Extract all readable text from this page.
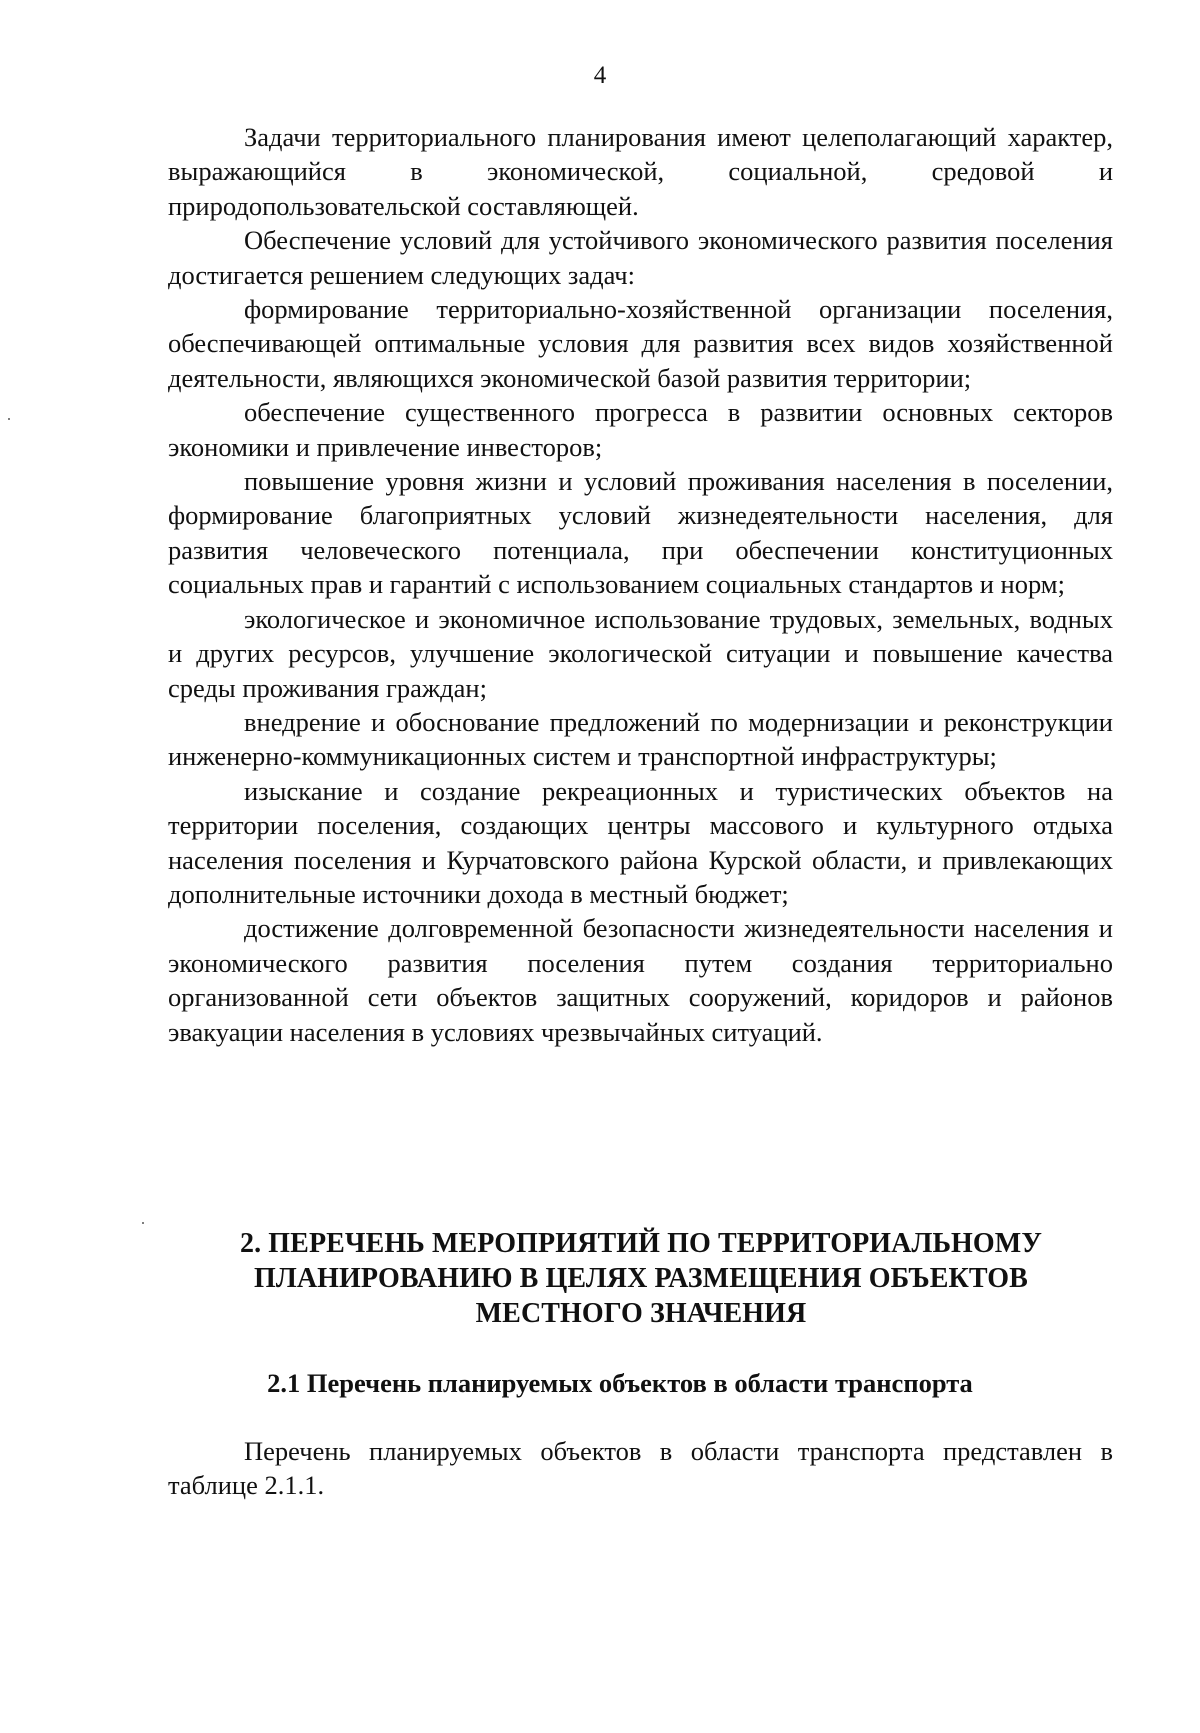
4

Задачи территориального планирования имеют целеполагающий характер, выражающийся в экономической, социальной, средовой и природопользовательской составляющей.

Обеспечение условий для устойчивого экономического развития поселения достигается решением следующих задач:

формирование территориально-хозяйственной организации поселения, обеспечивающей оптимальные условия для развития всех видов хозяйственной деятельности, являющихся экономической базой развития территории;

обеспечение существенного прогресса в развитии основных секторов экономики и привлечение инвесторов;

повышение уровня жизни и условий проживания населения в поселении, формирование благоприятных условий жизнедеятельности населения, для развития человеческого потенциала, при обеспечении конституционных социальных прав и гарантий с использованием социальных стандартов и норм;

экологическое и экономичное использование трудовых, земельных, водных и других ресурсов, улучшение экологической ситуации и повышение качества среды проживания граждан;

внедрение и обоснование предложений по модернизации и реконструкции инженерно-коммуникационных систем и транспортной инфраструктуры;

изыскание и создание рекреационных и туристических объектов на территории поселения, создающих центры массового и культурного отдыха населения поселения и Курчатовского района Курской области, и привлекающих дополнительные источники дохода в местный бюджет;

достижение долговременной безопасности жизнедеятельности населения и экономического развития поселения путем создания территориально организованной сети объектов защитных сооружений, коридоров и районов эвакуации населения в условиях чрезвычайных ситуаций.

2. ПЕРЕЧЕНЬ МЕРОПРИЯТИЙ ПО ТЕРРИТОРИАЛЬНОМУ
ПЛАНИРОВАНИЮ В ЦЕЛЯХ РАЗМЕЩЕНИЯ ОБЪЕКТОВ
МЕСТНОГО ЗНАЧЕНИЯ
2.1 Перечень планируемых объектов в области транспорта

Перечень планируемых объектов в области транспорта представлен в таблице 2.1.1.
